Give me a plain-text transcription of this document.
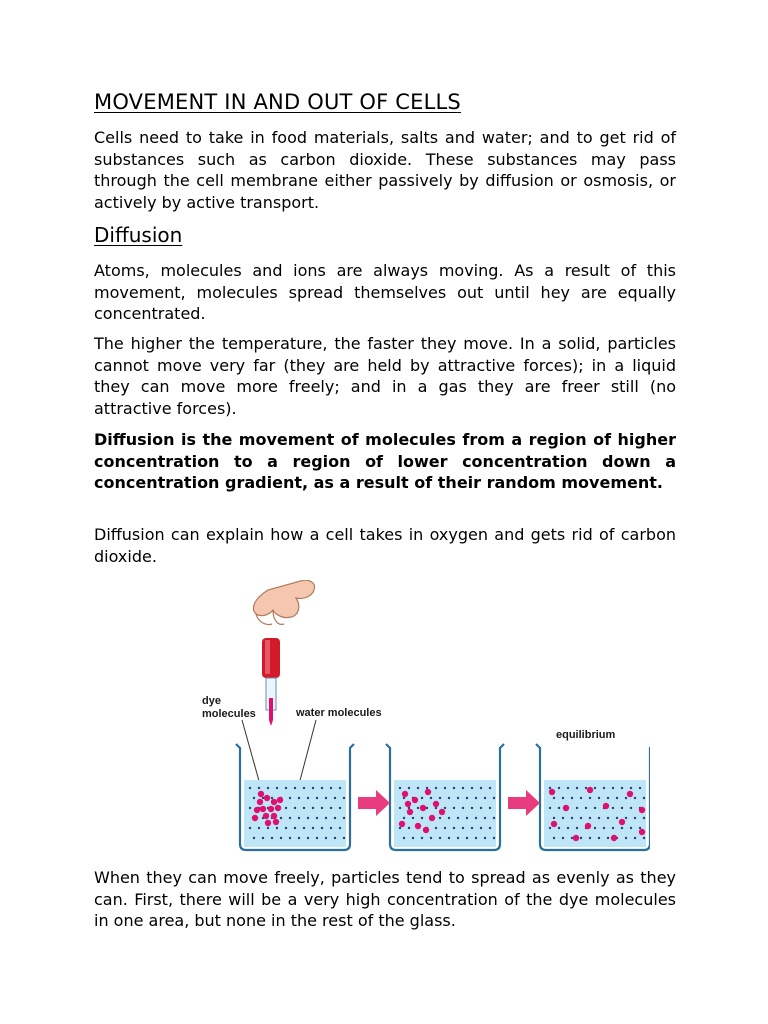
MOVEMENT IN AND OUT OF CELLS

Cells need to take in food materials, salts and water; and to get rid of substances such as carbon dioxide. These substances may pass through the cell membrane either passively by diffusion or osmosis, or actively by active transport.

Diffusion

Atoms, molecules and ions are always moving. As a result of this movement, molecules spread themselves out until hey are equally concentrated.

The higher the temperature, the faster they move. In a solid, particles cannot move very far (they are held by attractive forces); in a liquid they can move more freely; and in a gas they are freer still (no attractive forces).

Diffusion is the movement of molecules from a region of higher concentration to a region of lower concentration down a concentration gradient, as a result of their random movement.

Diffusion can explain how a cell takes in oxygen and gets rid of carbon dioxide.

When they can move freely, particles tend to spread as evenly as they can. First, there will be a very high concentration of the dye molecules in one area, but none in the rest of the glass.

dye
molecules	water molecules
equilibrium
